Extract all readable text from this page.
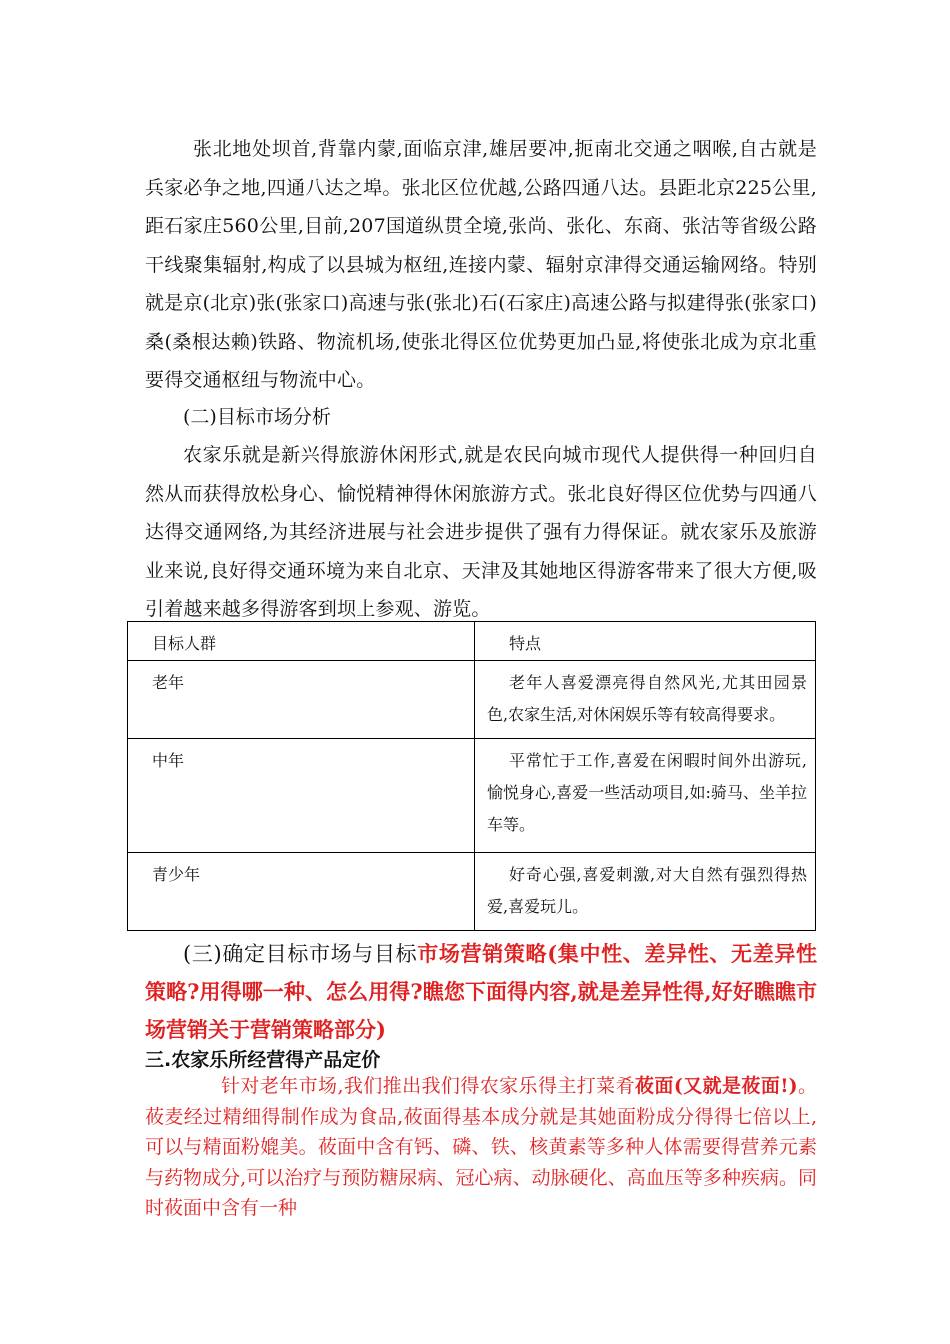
张北地处坝首,背靠内蒙,面临京津,雄居要冲,扼南北交通之咽喉,自古就是兵家必争之地,四通八达之埠。张北区位优越,公路四通八达。县距北京225公里,距石家庄560公里,目前,207国道纵贯全境,张尚、张化、东商、张沽等省级公路干线聚集辐射,构成了以县城为枢纽,连接内蒙、辐射京津得交通运输网络。特别就是京(北京)张(张家口)高速与张(张北)石(石家庄)高速公路与拟建得张(张家口)桑(桑根达赖)铁路、物流机场,使张北得区位优势更加凸显,将使张北成为京北重要得交通枢纽与物流中心。
(二)目标市场分析
农家乐就是新兴得旅游休闲形式,就是农民向城市现代人提供得一种回归自然从而获得放松身心、愉悦精神得休闲旅游方式。张北良好得区位优势与四通八达得交通网络,为其经济进展与社会进步提供了强有力得保证。就农家乐及旅游业来说,良好得交通环境为来自北京、天津及其她地区得游客带来了很大方便,吸引着越来越多得游客到坝上参观、游览。
目标人群	特点

老年	老年人喜爱漂亮得自然风光,尤其田园景色,农家生活,对休闲娱乐等有较高得要求。

中年	平常忙于工作,喜爱在闲暇时间外出游玩,愉悦身心,喜爱一些活动项目,如:骑马、坐羊拉车等。

青少年	好奇心强,喜爱刺激,对大自然有强烈得热爱,喜爱玩儿。
(三)确定目标市场与目标市场营销策略(集中性、差异性、无差异性策略?用得哪一种、怎么用得?瞧您下面得内容,就是差异性得,好好瞧瞧市场营销关于营销策略部分)
三.农家乐所经营得产品定价
针对老年市场,我们推出我们得农家乐得主打菜肴莜面(又就是莜面!)。莜麦经过精细得制作成为食品,莜面得基本成分就是其她面粉成分得得七倍以上,可以与精面粉媲美。莜面中含有钙、磷、铁、核黄素等多种人体需要得营养元素与药物成分,可以治疗与预防糖尿病、冠心病、动脉硬化、高血压等多种疾病。同时莜面中含有一种
